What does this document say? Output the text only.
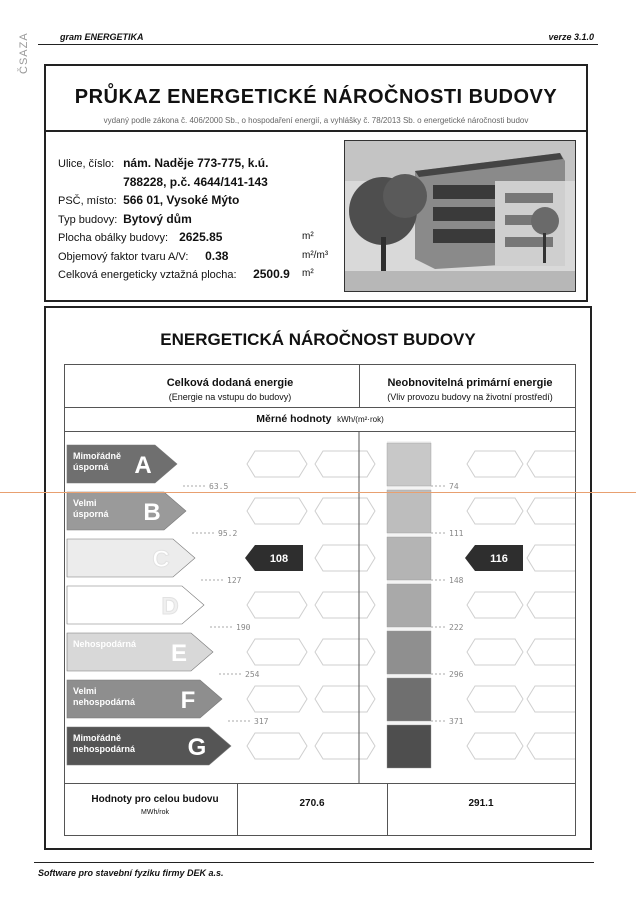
gram ENERGETIKA	verze 3.1.0
ČSAZA
PRŮKAZ ENERGETICKÉ NÁROČNOSTI BUDOVY
vydaný podle zákona č. 406/2000 Sb., o hospodaření energií, a vyhlášky č. 78/2013 Sb. o energetické náročnosti budov
Ulice, číslo: nám. Naděje 773-775, k.ú.
788228, p.č. 4644/141-143
PSČ, místo: 566 01, Vysoké Mýto
Typ budovy: Bytový dům
Plocha obálky budovy: 2625.85	m²
Objemový faktor tvaru A/V: 0.38	m²/m³
Celková energeticky vztažná plocha: 2500.9 m²
ENERGETICKÁ NÁROČNOST BUDOVY
Celková dodaná energie
(Energie na vstupu do budovy)
Neobnovitelná primární energie
(Vliv provozu budovy na životní prostředí)
Měrné hodnoty kWh/(m²·rok)
Mimořádně
úsporná A
Velmi
úsporná B
C
D
Nehospodárná E
Velmi
nehospodárná F
Mimořádně
nehospodárná G
63.5
95.2
127
190
254
317
74
111
148
222
296
371
108	116
Hodnoty pro celou budovu
MWh/rok
270.6	291.1
Software pro stavební fyziku firmy DEK a.s.
